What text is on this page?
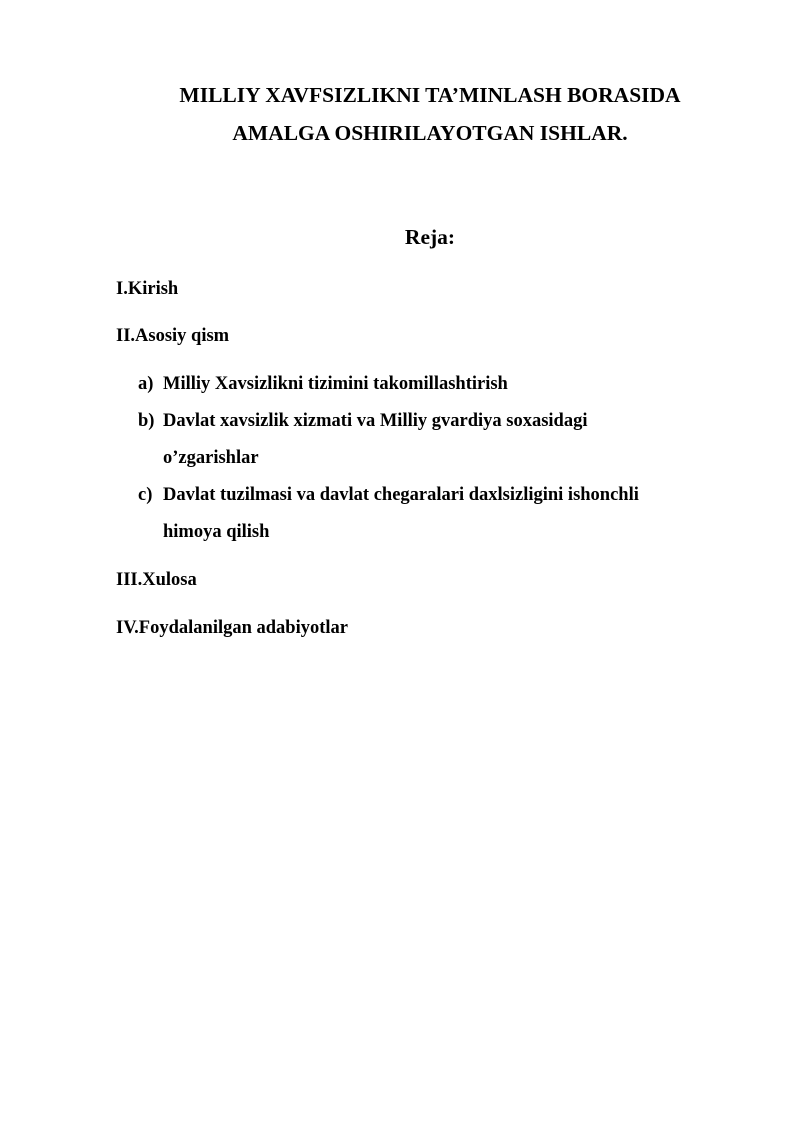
MILLIY XAVFSIZLIKNI TA’MINLASH BORASIDA
AMALGA OSHIRILAYOTGAN ISHLAR.
Reja:

I.Kirish

II.Asosiy qism

a) Milliy Xavsizlikni tizimini takomillashtirish
b) Davlat xavsizlik xizmati va Milliy gvardiya soxasidagi
o’zgarishlar
c) Davlat tuzilmasi va davlat chegaralari daxlsizligini ishonchli
himoya qilish

III.Xulosa

IV.Foydalanilgan adabiyotlar
